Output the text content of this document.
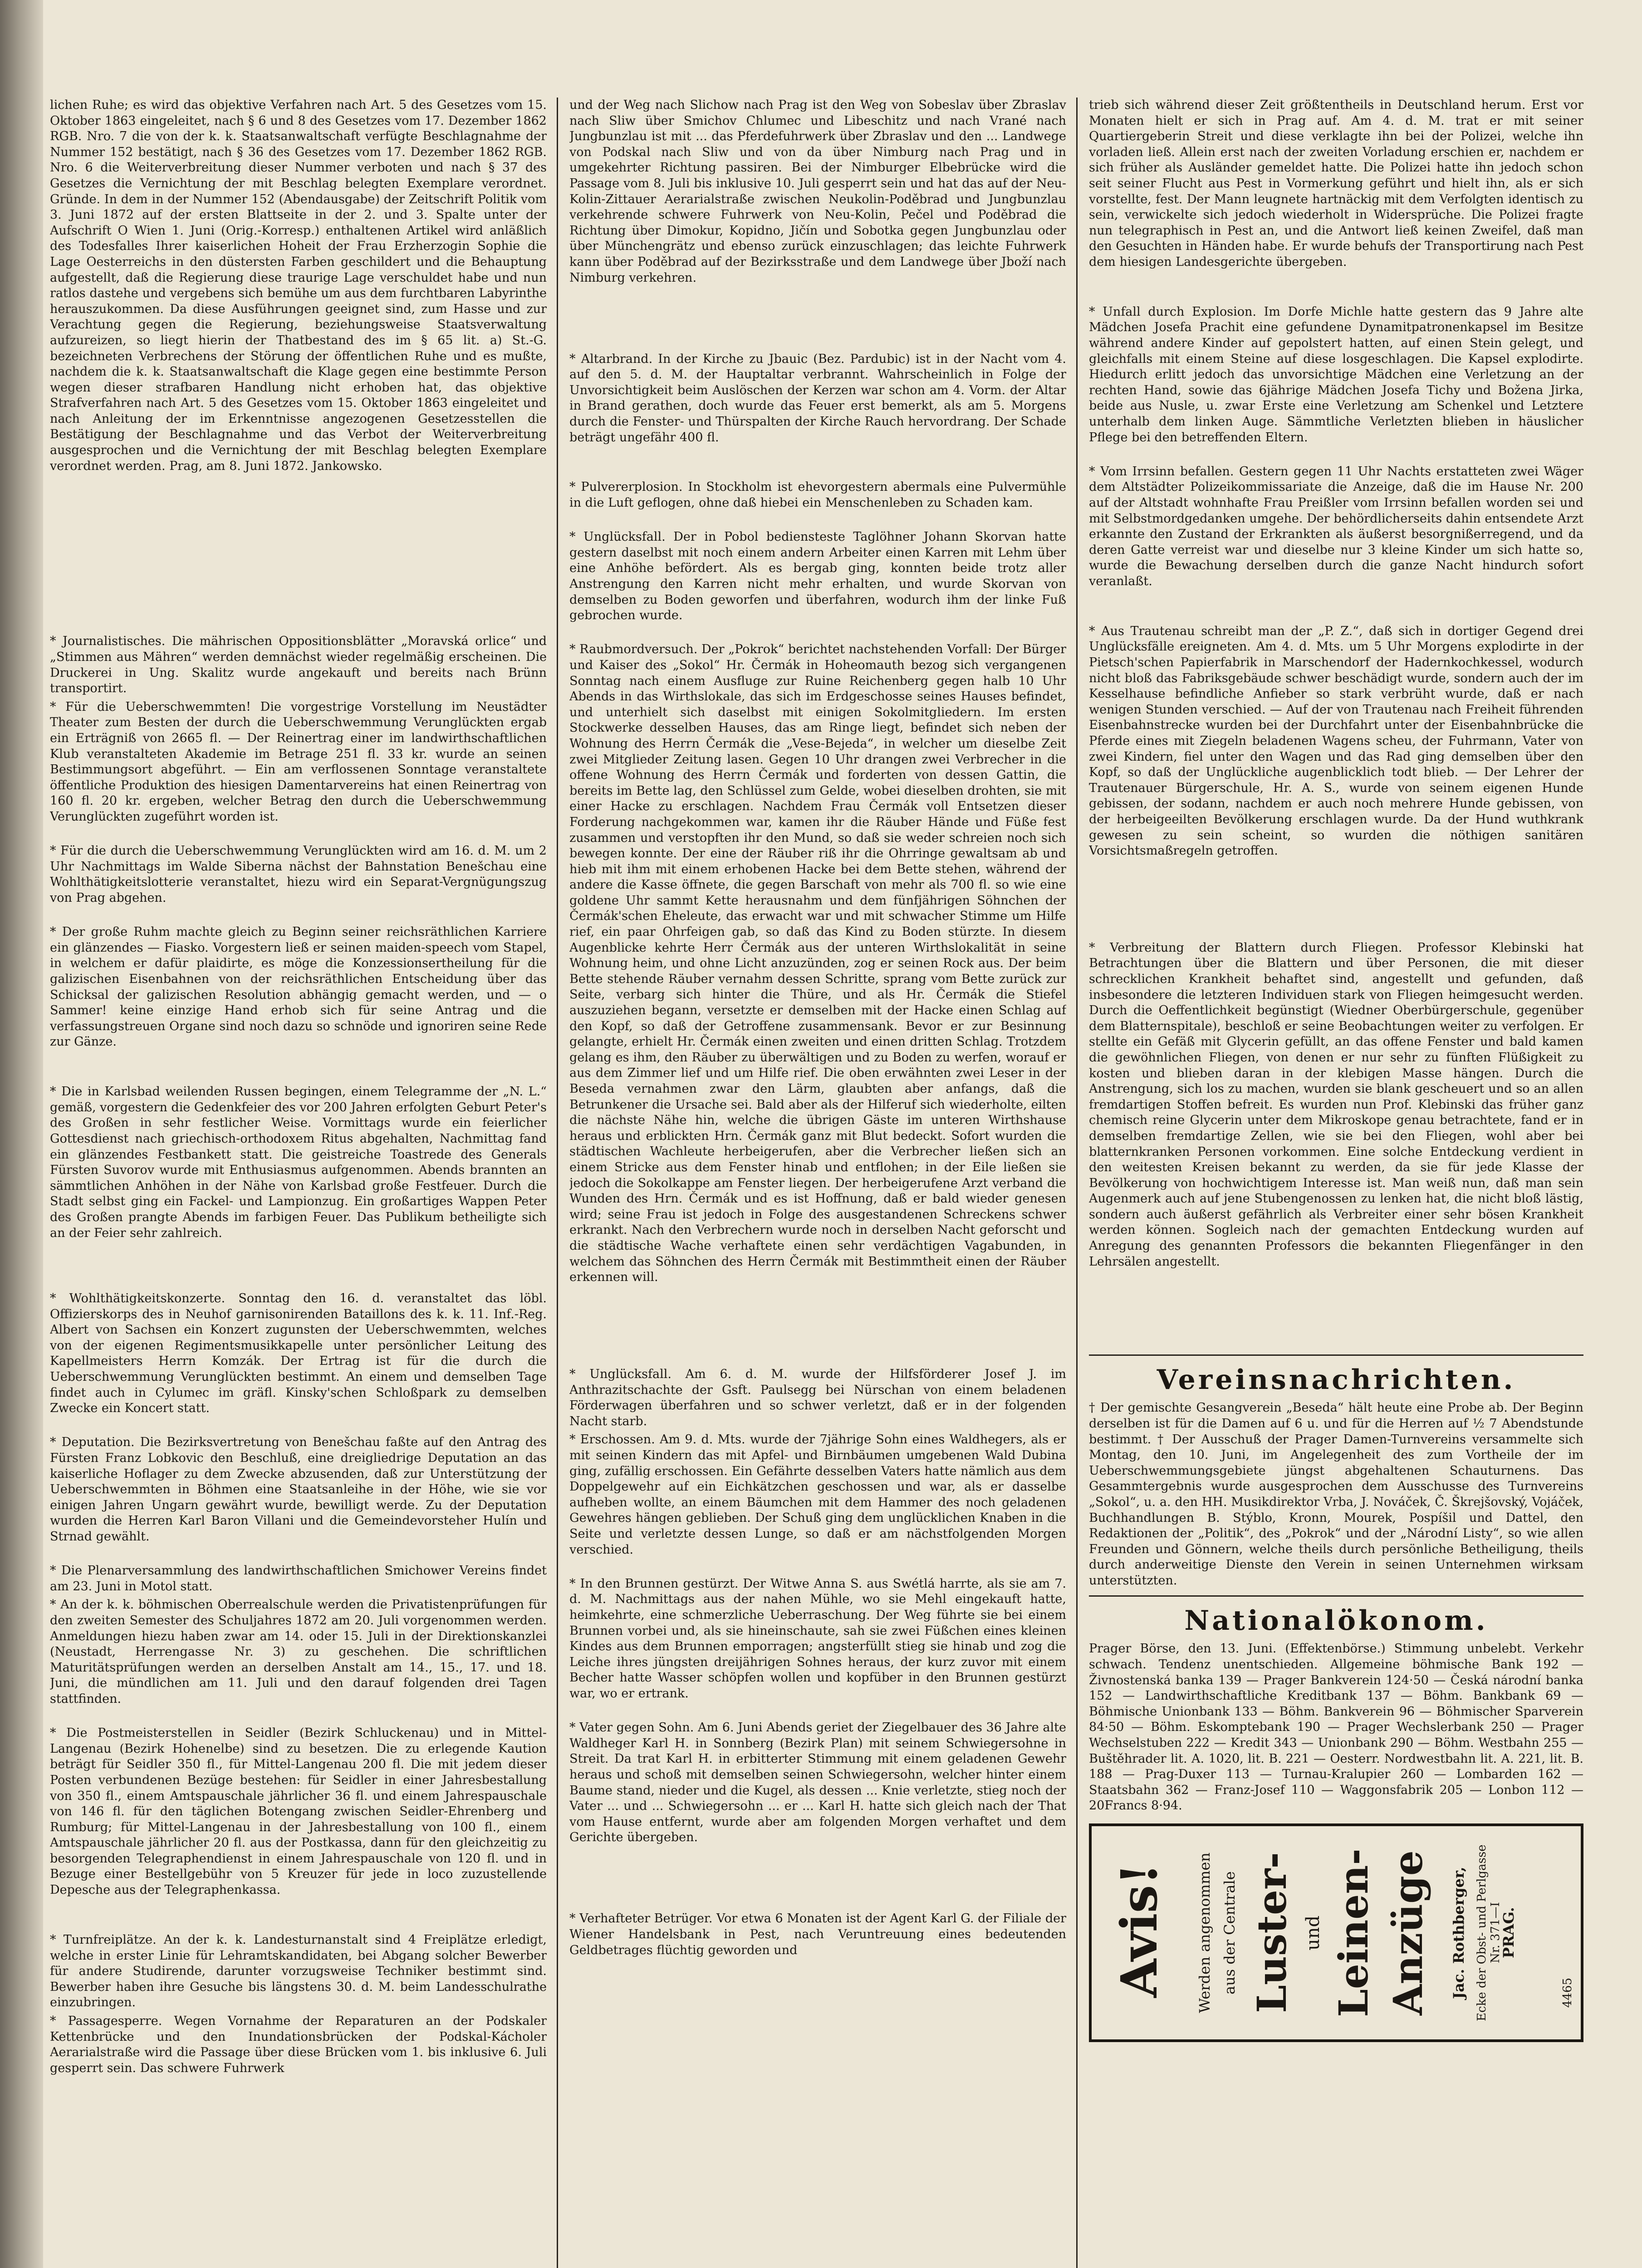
lichen Ruhe; es wird das objektive Verfahren nach Art. 5 des Gesetzes vom 15. Oktober 1863 eingeleitet, nach § 6 und 8 des Gesetzes vom 17. Dezember 1862 RGB. Nro. 7 die von der k. k. Staatsanwaltschaft verfügte Beschlagnahme der Nummer 152 bestätigt, nach § 36 des Gesetzes vom 17. Dezember 1862 RGB. Nro. 6 die Weiterverbreitung dieser Nummer verboten und nach § 37 des Gesetzes die Vernichtung der mit Beschlag belegten Exemplare verordnet. Gründe. In dem in der Nummer 152 (Abendausgabe) der Zeitschrift Politik vom 3. Juni 1872 auf der ersten Blattseite in der 2. und 3. Spalte unter der Aufschrift O Wien 1. Juni (Orig.-Korresp.) enthaltenen Artikel wird anläßlich des Todesfalles Ihrer kaiserlichen Hoheit der Frau Erzherzogin Sophie die Lage Oesterreichs in den düstersten Farben geschildert und die Behauptung aufgestellt, daß die Regierung diese traurige Lage verschuldet habe und nun ratlos dastehe und vergebens sich bemühe um aus dem furchtbaren Labyrinthe herauszukommen. Da diese Ausführungen geeignet sind, zum Hasse und zur Verachtung gegen die Regierung, beziehungsweise Staatsverwaltung aufzureizen, so liegt hierin der Thatbestand des im § 65 lit. a) St.-G. bezeichneten Verbrechens der Störung der öffentlichen Ruhe und es mußte, nachdem die k. k. Staatsanwaltschaft die Klage gegen eine bestimmte Person wegen dieser strafbaren Handlung nicht erhoben hat, das objektive Strafverfahren nach Art. 5 des Gesetzes vom 15. Oktober 1863 eingeleitet und nach Anleitung der im Erkenntnisse angezogenen Gesetzesstellen die Bestätigung der Beschlagnahme und das Verbot der Weiterverbreitung ausgesprochen und die Vernichtung der mit Beschlag belegten Exemplare verordnet werden. Prag, am 8. Juni 1872. Jankowsko.
* Journalistisches. Die mährischen Oppositionsblätter „Moravská orlice“ und „Stimmen aus Mähren“ werden demnächst wieder regelmäßig erscheinen. Die Druckerei in Ung. Skalitz wurde angekauft und bereits nach Brünn transportirt.
* Für die Ueberschwemmten! Die vorgestrige Vorstellung im Neustädter Theater zum Besten der durch die Ueberschwemmung Verunglückten ergab ein Erträgniß von 2665 fl. — Der Reinertrag einer im landwirthschaftlichen Klub veranstalteten Akademie im Betrage 251 fl. 33 kr. wurde an seinen Bestimmungsort abgeführt. — Ein am verflossenen Sonntage veranstaltete öffentliche Produktion des hiesigen Damentarvereins hat einen Reinertrag von 160 fl. 20 kr. ergeben, welcher Betrag den durch die Ueberschwemmung Verunglückten zugeführt worden ist.
* Für die durch die Ueberschwemmung Verunglückten wird am 16. d. M. um 2 Uhr Nachmittags im Walde Siberna nächst der Bahnstation Benešchau eine Wohlthätigkeitslotterie veranstaltet, hiezu wird ein Separat-Vergnügungszug von Prag abgehen.
* Der große Ruhm machte gleich zu Beginn seiner reichsräthlichen Karriere ein glänzendes — Fiasko. Vorgestern ließ er seinen maiden-speech vom Stapel, in welchem er dafür plaidirte, es möge die Konzessionsertheilung für die galizischen Eisenbahnen von der reichsräthlichen Entscheidung über das Schicksal der galizischen Resolution abhängig gemacht werden, und — o Sammer! keine einzige Hand erhob sich für seine Antrag und die verfassungstreuen Organe sind noch dazu so schnöde und ignoriren seine Rede zur Gänze.
* Die in Karlsbad weilenden Russen begingen, einem Telegramme der „N. L.“ gemäß, vorgestern die Gedenkfeier des vor 200 Jahren erfolgten Geburt Peter's des Großen in sehr festlicher Weise. Vormittags wurde ein feierlicher Gottesdienst nach griechisch-orthodoxem Ritus abgehalten, Nachmittag fand ein glänzendes Festbankett statt. Die geistreiche Toastrede des Generals Fürsten Suvorov wurde mit Enthusiasmus aufgenommen. Abends brannten an sämmtlichen Anhöhen in der Nähe von Karlsbad große Festfeuer. Durch die Stadt selbst ging ein Fackel- und Lampionzug. Ein großartiges Wappen Peter des Großen prangte Abends im farbigen Feuer. Das Publikum betheiligte sich an der Feier sehr zahlreich.
* Wohlthätigkeitskonzerte. Sonntag den 16. d. veranstaltet das löbl. Offizierskorps des in Neuhof garnisonirenden Bataillons des k. k. 11. Inf.-Reg. Albert von Sachsen ein Konzert zugunsten der Ueberschwemmten, welches von der eigenen Regimentsmusikkapelle unter persönlicher Leitung des Kapellmeisters Herrn Komzák. Der Ertrag ist für die durch die Ueberschwemmung Verunglückten bestimmt. An einem und demselben Tage findet auch in Cylumec im gräfl. Kinsky'schen Schloßpark zu demselben Zwecke ein Koncert statt.
* Deputation. Die Bezirksvertretung von Benešchau faßte auf den Antrag des Fürsten Franz Lobkovic den Beschluß, eine dreigliedrige Deputation an das kaiserliche Hoflager zu dem Zwecke abzusenden, daß zur Unterstützung der Ueberschwemmten in Böhmen eine Staatsanleihe in der Höhe, wie sie vor einigen Jahren Ungarn gewährt wurde, bewilligt werde. Zu der Deputation wurden die Herren Karl Baron Villani und die Gemeindevorsteher Hulín und Strnad gewählt.
* Die Plenarversammlung des landwirthschaftlichen Smichower Vereins findet am 23. Juni in Motol statt.
* An der k. k. böhmischen Oberrealschule werden die Privatistenprüfungen für den zweiten Semester des Schuljahres 1872 am 20. Juli vorgenommen werden. Anmeldungen hiezu haben zwar am 14. oder 15. Juli in der Direktionskanzlei (Neustadt, Herrengasse Nr. 3) zu geschehen. Die schriftlichen Maturitätsprüfungen werden an derselben Anstalt am 14., 15., 17. und 18. Juni, die mündlichen am 11. Juli und den darauf folgenden drei Tagen stattfinden.
* Die Postmeisterstellen in Seidler (Bezirk Schluckenau) und in Mittel-Langenau (Bezirk Hohenelbe) sind zu besetzen. Die zu erlegende Kaution beträgt für Seidler 350 fl., für Mittel-Langenau 200 fl. Die mit jedem dieser Posten verbundenen Bezüge bestehen: für Seidler in einer Jahresbestallung von 350 fl., einem Amtspauschale jährlicher 36 fl. und einem Jahrespauschale von 146 fl. für den täglichen Botengang zwischen Seidler-Ehrenberg und Rumburg; für Mittel-Langenau in der Jahresbestallung von 100 fl., einem Amtspauschale jährlicher 20 fl. aus der Postkassa, dann für den gleichzeitig zu besorgenden Telegraphendienst in einem Jahrespauschale von 120 fl. und in Bezuge einer Bestellgebühr von 5 Kreuzer für jede in loco zuzustellende Depesche aus der Telegraphenkassa.
* Turnfreiplätze. An der k. k. Landesturnanstalt sind 4 Freiplätze erledigt, welche in erster Linie für Lehramtskandidaten, bei Abgang solcher Bewerber für andere Studirende, darunter vorzugsweise Techniker bestimmt sind. Bewerber haben ihre Gesuche bis längstens 30. d. M. beim Landesschulrathe einzubringen.
* Passagesperre. Wegen Vornahme der Reparaturen an der Podskaler Kettenbrücke und den Inundationsbrücken der Podskal-Kácholer Aerarialstraße wird die Passage über diese Brücken vom 1. bis inklusive 6. Juli gesperrt sein. Das schwere Fuhrwerk
und der Weg nach Slichow nach Prag ist den Weg von Sobeslav über Zbraslav nach Sliw über Smichov Chlumec und Libeschitz und nach Vrané nach Jungbunzlau ist mit ... das Pferdefuhrwerk über Zbraslav und den ... Landwege von Podskal nach Sliw und von da über Nimburg nach Prag und in umgekehrter Richtung passiren. Bei der Nimburger Elbebrücke wird die Passage vom 8. Juli bis inklusive 10. Juli gesperrt sein und hat das auf der Neu-Kolin-Zittauer Aerarialstraße zwischen Neukolin-Poděbrad und Jungbunzlau verkehrende schwere Fuhrwerk von Neu-Kolin, Pečel und Poděbrad die Richtung über Dimokur, Kopidno, Jičín und Sobotka gegen Jungbunzlau oder über Münchengrätz und ebenso zurück einzuschlagen; das leichte Fuhrwerk kann über Poděbrad auf der Bezirksstraße und dem Landwege über Jboží nach Nimburg verkehren.
* Altarbrand. In der Kirche zu Jbauic (Bez. Pardubic) ist in der Nacht vom 4. auf den 5. d. M. der Hauptaltar verbrannt. Wahrscheinlich in Folge der Unvorsichtigkeit beim Auslöschen der Kerzen war schon am 4. Vorm. der Altar in Brand gerathen, doch wurde das Feuer erst bemerkt, als am 5. Morgens durch die Fenster- und Thürspalten der Kirche Rauch hervordrang. Der Schade beträgt ungefähr 400 fl.
* Pulvererplosion. In Stockholm ist ehevorgestern abermals eine Pulvermühle in die Luft geflogen, ohne daß hiebei ein Menschenleben zu Schaden kam.
* Unglücksfall. Der in Pobol bediensteste Taglöhner Johann Skorvan hatte gestern daselbst mit noch einem andern Arbeiter einen Karren mit Lehm über eine Anhöhe befördert. Als es bergab ging, konnten beide trotz aller Anstrengung den Karren nicht mehr erhalten, und wurde Skorvan von demselben zu Boden geworfen und überfahren, wodurch ihm der linke Fuß gebrochen wurde.
* Raubmordversuch. Der „Pokrok“ berichtet nachstehenden Vorfall: Der Bürger und Kaiser des „Sokol“ Hr. Čermák in Hoheomauth bezog sich vergangenen Sonntag nach einem Ausfluge zur Ruine Reichenberg gegen halb 10 Uhr Abends in das Wirthslokale, das sich im Erdgeschosse seines Hauses befindet, und unterhielt sich daselbst mit einigen Sokolmitgliedern. Im ersten Stockwerke desselben Hauses, das am Ringe liegt, befindet sich neben der Wohnung des Herrn Čermák die „Vese-Bejeda“, in welcher um dieselbe Zeit zwei Mitglieder Zeitung lasen. Gegen 10 Uhr drangen zwei Verbrecher in die offene Wohnung des Herrn Čermák und forderten von dessen Gattin, die bereits im Bette lag, den Schlüssel zum Gelde, wobei dieselben drohten, sie mit einer Hacke zu erschlagen. Nachdem Frau Čermák voll Entsetzen dieser Forderung nachgekommen war, kamen ihr die Räuber Hände und Füße fest zusammen und verstopften ihr den Mund, so daß sie weder schreien noch sich bewegen konnte. Der eine der Räuber riß ihr die Ohrringe gewaltsam ab und hieb mit ihm mit einem erhobenen Hacke bei dem Bette stehen, während der andere die Kasse öffnete, die gegen Barschaft von mehr als 700 fl. so wie eine goldene Uhr sammt Kette herausnahm und dem fünfjährigen Söhnchen der Čermák'schen Eheleute, das erwacht war und mit schwacher Stimme um Hilfe rief, ein paar Ohrfeigen gab, so daß das Kind zu Boden stürzte. In diesem Augenblicke kehrte Herr Čermák aus der unteren Wirthslokalität in seine Wohnung heim, und ohne Licht anzuzünden, zog er seinen Rock aus. Der beim Bette stehende Räuber vernahm dessen Schritte, sprang vom Bette zurück zur Seite, verbarg sich hinter die Thüre, und als Hr. Čermák die Stiefel auszuziehen begann, versetzte er demselben mit der Hacke einen Schlag auf den Kopf, so daß der Getroffene zusammensank. Bevor er zur Besinnung gelangte, erhielt Hr. Čermák einen zweiten und einen dritten Schlag. Trotzdem gelang es ihm, den Räuber zu überwältigen und zu Boden zu werfen, worauf er aus dem Zimmer lief und um Hilfe rief. Die oben erwähnten zwei Leser in der Beseda vernahmen zwar den Lärm, glaubten aber anfangs, daß die Betrunkener die Ursache sei. Bald aber als der Hilferuf sich wiederholte, eilten die nächste Nähe hin, welche die übrigen Gäste im unteren Wirthshause heraus und erblickten Hrn. Čermák ganz mit Blut bedeckt. Sofort wurden die städtischen Wachleute herbeigerufen, aber die Verbrecher ließen sich an einem Stricke aus dem Fenster hinab und entflohen; in der Eile ließen sie jedoch die Sokolkappe am Fenster liegen. Der herbeigerufene Arzt verband die Wunden des Hrn. Čermák und es ist Hoffnung, daß er bald wieder genesen wird; seine Frau ist jedoch in Folge des ausgestandenen Schreckens schwer erkrankt. Nach den Verbrechern wurde noch in derselben Nacht geforscht und die städtische Wache verhaftete einen sehr verdächtigen Vagabunden, in welchem das Söhnchen des Herrn Čermák mit Bestimmtheit einen der Räuber erkennen will.
* Unglücksfall. Am 6. d. M. wurde der Hilfsförderer Josef J. im Anthrazitschachte der Gsft. Paulsegg bei Nürschan von einem beladenen Förderwagen überfahren und so schwer verletzt, daß er in der folgenden Nacht starb.
* Erschossen. Am 9. d. Mts. wurde der 7jährige Sohn eines Waldhegers, als er mit seinen Kindern das mit Apfel- und Birnbäumen umgebenen Wald Dubina ging, zufällig erschossen. Ein Gefährte desselben Vaters hatte nämlich aus dem Doppelgewehr auf ein Eichkätzchen geschossen und war, als er dasselbe aufheben wollte, an einem Bäumchen mit dem Hammer des noch geladenen Gewehres hängen geblieben. Der Schuß ging dem unglücklichen Knaben in die Seite und verletzte dessen Lunge, so daß er am nächstfolgenden Morgen verschied.
* In den Brunnen gestürzt. Der Witwe Anna S. aus Swétlá harrte, als sie am 7. d. M. Nachmittags aus der nahen Mühle, wo sie Mehl eingekauft hatte, heimkehrte, eine schmerzliche Ueberraschung. Der Weg führte sie bei einem Brunnen vorbei und, als sie hineinschaute, sah sie zwei Füßchen eines kleinen Kindes aus dem Brunnen emporragen; angsterfüllt stieg sie hinab und zog die Leiche ihres jüngsten dreijährigen Sohnes heraus, der kurz zuvor mit einem Becher hatte Wasser schöpfen wollen und kopfüber in den Brunnen gestürzt war, wo er ertrank.
* Vater gegen Sohn. Am 6. Juni Abends geriet der Ziegelbauer des 36 Jahre alte Waldheger Karl H. in Sonnberg (Bezirk Plan) mit seinem Schwiegersohne in Streit. Da trat Karl H. in erbitterter Stimmung mit einem geladenen Gewehr heraus und schoß mit demselben seinen Schwiegersohn, welcher hinter einem Baume stand, nieder und die Kugel, als dessen ... Knie verletzte, stieg noch der Vater ... und ... Schwiegersohn ... er ... Karl H. hatte sich gleich nach der That vom Hause entfernt, wurde aber am folgenden Morgen verhaftet und dem Gerichte übergeben.
* Verhafteter Betrüger. Vor etwa 6 Monaten ist der Agent Karl G. der Filiale der Wiener Handelsbank in Pest, nach Veruntreuung eines bedeutenden Geldbetrages flüchtig geworden und
trieb sich während dieser Zeit größtentheils in Deutschland herum. Erst vor Monaten hielt er sich in Prag auf. Am 4. d. M. trat er mit seiner Quartiergeberin Streit und diese verklagte ihn bei der Polizei, welche ihn vorladen ließ. Allein erst nach der zweiten Vorladung erschien er, nachdem er sich früher als Ausländer gemeldet hatte. Die Polizei hatte ihn jedoch schon seit seiner Flucht aus Pest in Vormerkung geführt und hielt ihn, als er sich vorstellte, fest. Der Mann leugnete hartnäckig mit dem Verfolgten identisch zu sein, verwickelte sich jedoch wiederholt in Widersprüche. Die Polizei fragte nun telegraphisch in Pest an, und die Antwort ließ keinen Zweifel, daß man den Gesuchten in Händen habe. Er wurde behufs der Transportirung nach Pest dem hiesigen Landesgerichte übergeben.
* Unfall durch Explosion. Im Dorfe Michle hatte gestern das 9 Jahre alte Mädchen Josefa Prachit eine gefundene Dynamitpatronenkapsel im Besitze während andere Kinder auf gepolstert hatten, auf einen Stein gelegt, und gleichfalls mit einem Steine auf diese losgeschlagen. Die Kapsel explodirte. Hiedurch erlitt jedoch das unvorsichtige Mädchen eine Verletzung an der rechten Hand, sowie das 6jährige Mädchen Josefa Tichy und Božena Jirka, beide aus Nusle, u. zwar Erste eine Verletzung am Schenkel und Letztere unterhalb dem linken Auge. Sämmtliche Verletzten blieben in häuslicher Pflege bei den betreffenden Eltern.
* Vom Irrsinn befallen. Gestern gegen 11 Uhr Nachts erstatteten zwei Wäger dem Altstädter Polizeikommissariate die Anzeige, daß die im Hause Nr. 200 auf der Altstadt wohnhafte Frau Preißler vom Irrsinn befallen worden sei und mit Selbstmordgedanken umgehe. Der behördlicherseits dahin entsendete Arzt erkannte den Zustand der Erkrankten als äußerst besorgnißerregend, und da deren Gatte verreist war und dieselbe nur 3 kleine Kinder um sich hatte so, wurde die Bewachung derselben durch die ganze Nacht hindurch sofort veranlaßt.
* Aus Trautenau schreibt man der „P. Z.“, daß sich in dortiger Gegend drei Unglücksfälle ereigneten. Am 4. d. Mts. um 5 Uhr Morgens explodirte in der Pietsch'schen Papierfabrik in Marschendorf der Hadernkochkessel, wodurch nicht bloß das Fabriksgebäude schwer beschädigt wurde, sondern auch der im Kesselhause befindliche Anfieber so stark verbrüht wurde, daß er nach wenigen Stunden verschied. — Auf der von Trautenau nach Freiheit führenden Eisenbahnstrecke wurden bei der Durchfahrt unter der Eisenbahnbrücke die Pferde eines mit Ziegeln beladenen Wagens scheu, der Fuhrmann, Vater von zwei Kindern, fiel unter den Wagen und das Rad ging demselben über den Kopf, so daß der Unglückliche augenblicklich todt blieb. — Der Lehrer der Trautenauer Bürgerschule, Hr. A. S., wurde von seinem eigenen Hunde gebissen, der sodann, nachdem er auch noch mehrere Hunde gebissen, von der herbeigeeilten Bevölkerung erschlagen wurde. Da der Hund wuthkrank gewesen zu sein scheint, so wurden die nöthigen sanitären Vorsichtsmaßregeln getroffen.
* Verbreitung der Blattern durch Fliegen. Professor Klebinski hat Betrachtungen über die Blattern und über Personen, die mit dieser schrecklichen Krankheit behaftet sind, angestellt und gefunden, daß insbesondere die letzteren Individuen stark von Fliegen heimgesucht werden. Durch die Oeffentlichkeit begünstigt (Wiedner Oberbürgerschule, gegenüber dem Blatternspitale), beschloß er seine Beobachtungen weiter zu verfolgen. Er stellte ein Gefäß mit Glycerin gefüllt, an das offene Fenster und bald kamen die gewöhnlichen Fliegen, von denen er nur sehr zu fünften Flüßigkeit zu kosten und blieben daran in der klebigen Masse hängen. Durch die Anstrengung, sich los zu machen, wurden sie blank gescheuert und so an allen fremdartigen Stoffen befreit. Es wurden nun Prof. Klebinski das früher ganz chemisch reine Glycerin unter dem Mikroskope genau betrachtete, fand er in demselben fremdartige Zellen, wie sie bei den Fliegen, wohl aber bei blatternkranken Personen vorkommen. Eine solche Entdeckung verdient in den weitesten Kreisen bekannt zu werden, da sie für jede Klasse der Bevölkerung von hochwichtigem Interesse ist. Man weiß nun, daß man sein Augenmerk auch auf jene Stubengenossen zu lenken hat, die nicht bloß lästig, sondern auch äußerst gefährlich als Verbreiter einer sehr bösen Krankheit werden können. Sogleich nach der gemachten Entdeckung wurden auf Anregung des genannten Professors die bekannten Fliegenfänger in den Lehrsälen angestellt.
Vereinsnachrichten.
† Der gemischte Gesangverein „Beseda“ hält heute eine Probe ab. Der Beginn derselben ist für die Damen auf 6 u. und für die Herren auf ½ 7 Abendstunde bestimmt. † Der Ausschuß der Prager Damen-Turnvereins versammelte sich Montag, den 10. Juni, im Angelegenheit des zum Vortheile der im Ueberschwemmungsgebiete jüngst abgehaltenen Schauturnens. Das Gesammtergebnis wurde ausgesprochen dem Ausschusse des Turnvereins „Sokol“, u. a. den HH. Musikdirektor Vrba, J. Nováček, Č. Škrejšovský, Vojáček, Buchhandlungen B. Stýblo, Kronn, Mourek, Pospíšil und Dattel, den Redaktionen der „Politik“, des „Pokrok“ und der „Národní Listy“, so wie allen Freunden und Gönnern, welche theils durch persönliche Betheiligung, theils durch anderweitige Dienste den Verein in seinen Unternehmen wirksam unterstützten.
Nationalökonom.
Prager Börse, den 13. Juni. (Effektenbörse.) Stimmung unbelebt. Verkehr schwach. Tendenz unentschieden. Allgemeine böhmische Bank 192 — Živnostenská banka 139 — Prager Bankverein 124·50 — Česká národní banka 152 — Landwirthschaftliche Kreditbank 137 — Böhm. Bankbank 69 — Böhmische Unionbank 133 — Böhm. Bankverein 96 — Böhmischer Sparverein 84·50 — Böhm. Eskomptebank 190 — Prager Wechslerbank 250 — Prager Wechselstuben 222 — Kredit 343 — Unionbank 290 — Böhm. Westbahn 255 — Buštěhrader lit. A. 1020, lit. B. 221 — Oesterr. Nordwestbahn lit. A. 221, lit. B. 188 — Prag-Duxer 113 — Turnau-Kralupier 260 — Lombarden 162 — Staatsbahn 362 — Franz-Josef 110 — Waggonsfabrik 205 — Lonbon 112 — 20Francs 8·94.
Avis!	Werden angenommen aus der Centrale Luster- und Leinen- Anzüge Jac. Rothberger, Ecke der Obst- und Perlgasse Nr. 371—I
PRAG.
4465
